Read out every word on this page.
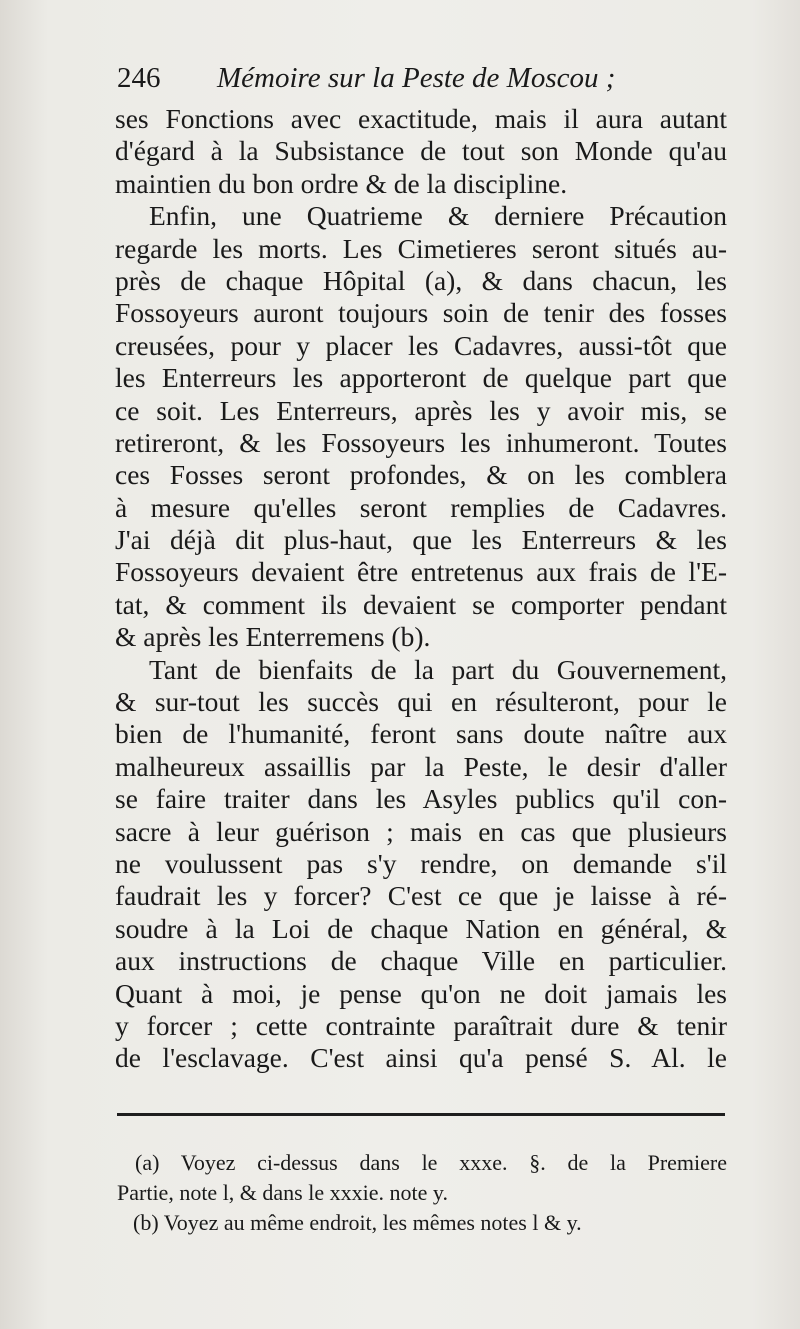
246 Mémoire sur la Peste de Moscou ;
ses Fonctions avec exactitude, mais il aura autant
d'égard à la Subsistance de tout son Monde qu'au
maintien du bon ordre & de la discipline.
Enfin, une Quatrieme & derniere Précaution
regarde les morts. Les Cimetieres seront situés au-
près de chaque Hôpital (a), & dans chacun, les
Fossoyeurs auront toujours soin de tenir des fosses
creusées, pour y placer les Cadavres, aussi-tôt que
les Enterreurs les apporteront de quelque part que
ce soit. Les Enterreurs, après les y avoir mis, se
retireront, & les Fossoyeurs les inhumeront. Toutes
ces Fosses seront profondes, & on les comblera
à mesure qu'elles seront remplies de Cadavres.
J'ai déjà dit plus-haut, que les Enterreurs & les
Fossoyeurs devaient être entretenus aux frais de l'E-
tat, & comment ils devaient se comporter pendant
& après les Enterremens (b).
Tant de bienfaits de la part du Gouvernement,
& sur-tout les succès qui en résulteront, pour le
bien de l'humanité, feront sans doute naître aux
malheureux assaillis par la Peste, le desir d'aller
se faire traiter dans les Asyles publics qu'il con-
sacre à leur guérison ; mais en cas que plusieurs
ne voulussent pas s'y rendre, on demande s'il
faudrait les y forcer? C'est ce que je laisse à ré-
soudre à la Loi de chaque Nation en général, &
aux instructions de chaque Ville en particulier.
Quant à moi, je pense qu'on ne doit jamais les
y forcer ; cette contrainte paraîtrait dure & tenir
de l'esclavage. C'est ainsi qu'a pensé S. Al. le
(a) Voyez ci-dessus dans le xxxe. §. de la Premiere
Partie, note l, & dans le xxxie. note y.
(b) Voyez au même endroit, les mêmes notes l & y.
